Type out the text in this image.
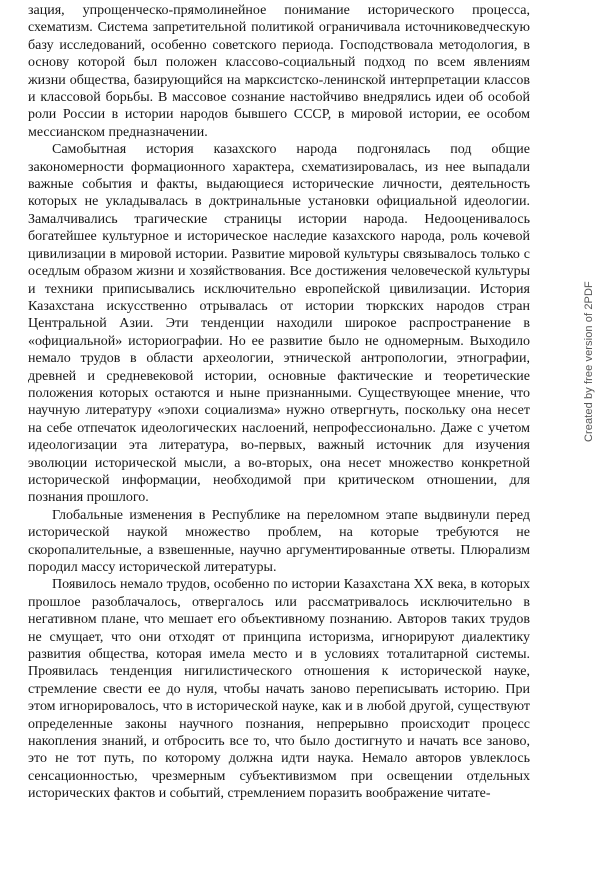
зация, упрощенческо-прямолинейное понимание исторического процесса, схематизм. Система запретительной политикой ограничивала источниковедческую базу исследований, особенно советского периода. Господствовала методология, в основу которой был положен классово-социальный подход по всем явлениям жизни общества, базирующийся на марксистско-ленинской интерпретации классов и классовой борьбы. В массовое сознание настойчиво внедрялись идеи об особой роли России в истории народов бывшего СССР, в мировой истории, ее особом мессианском предназначении.

Самобытная история казахского народа подгонялась под общие закономерности формационного характера, схематизировалась, из нее выпадали важные события и факты, выдающиеся исторические личности, деятельность которых не укладывалась в доктринальные установки официальной идеологии. Замалчивались трагические страницы истории народа. Недооценивалось богатейшее культурное и историческое наследие казахского народа, роль кочевой цивилизации в мировой истории. Развитие мировой культуры связывалось только с оседлым образом жизни и хозяйствования. Все достижения человеческой культуры и техники приписывались исключительно европейской цивилизации. История Казахстана искусственно отрывалась от истории тюркских народов стран Центральной Азии. Эти тенденции находили широкое распространение в «официальной» историографии. Но ее развитие было не одномерным. Выходило немало трудов в области археологии, этнической антропологии, этнографии, древней и средневековой истории, основные фактические и теоретические положения которых остаются и ныне признанными. Существующее мнение, что научную литературу «эпохи социализма» нужно отвергнуть, поскольку она несет на себе отпечаток идеологических наслоений, непрофессионально. Даже с учетом идеологизации эта литература, во-первых, важный источник для изучения эволюции исторической мысли, а во-вторых, она несет множество конкретной исторической информации, необходимой при критическом отношении, для познания прошлого.

Глобальные изменения в Республике на переломном этапе выдвинули перед исторической наукой множество проблем, на которые требуются не скоропалительные, а взвешенные, научно аргументированные ответы. Плюрализм породил массу исторической литературы.

Появилось немало трудов, особенно по истории Казахстана XX века, в которых прошлое разоблачалось, отвергалось или рассматривалось исключительно в негативном плане, что мешает его объективному познанию. Авторов таких трудов не смущает, что они отходят от принципа историзма, игнорируют диалектику развития общества, которая имела место и в условиях тоталитарной системы. Проявилась тенденция нигилистического отношения к исторической науке, стремление свести ее до нуля, чтобы начать заново переписывать историю. При этом игнорировалось, что в исторической науке, как и в любой другой, существуют определенные законы научного познания, непрерывно происходит процесс накопления знаний, и отбросить все то, что было достигнуто и начать все заново, это не тот путь, по которому должна идти наука. Немало авторов увлеклось сенсационностью, чрезмерным субъективизмом при освещении отдельных исторических фактов и событий, стремлением поразить воображение читате-

Created by free version of 2PDF
